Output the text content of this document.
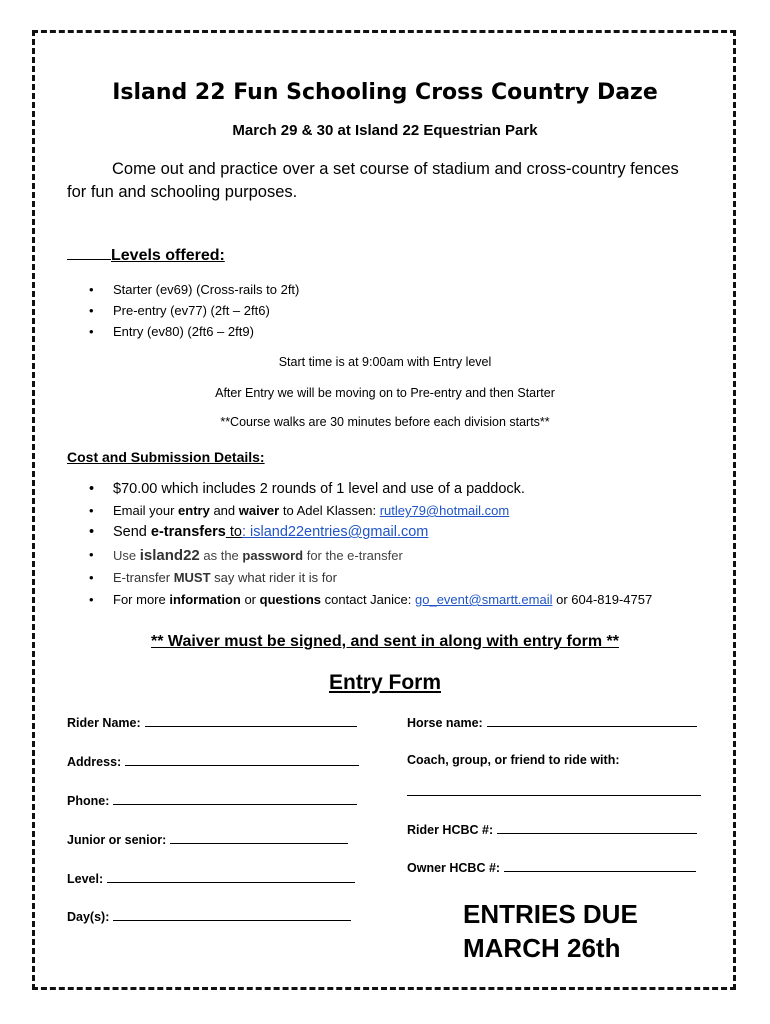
Island 22 Fun Schooling Cross Country Daze
March 29 & 30 at Island 22 Equestrian Park
Come out and practice over a set course of stadium and cross-country fences for fun and schooling purposes.
Levels offered:
Starter (ev69) (Cross-rails to 2ft)
Pre-entry (ev77) (2ft – 2ft6)
Entry (ev80) (2ft6 – 2ft9)
Start time is at 9:00am with Entry level
After Entry we will be moving on to Pre-entry and then Starter
**Course walks are 30 minutes before each division starts**
Cost and Submission Details:
$70.00 which includes 2 rounds of 1 level and use of a paddock.
Email your entry and waiver to Adel Klassen: rutley79@hotmail.com
Send e-transfers to: island22entries@gmail.com
Use island22 as the password for the e-transfer
E-transfer MUST say what rider it is for
For more information or questions contact Janice: go_event@smartt.email or 604-819-4757
** Waiver must be signed, and sent in along with entry form **
Entry Form
Rider Name:
Address:
Phone:
Junior or senior:
Level:
Day(s):
Horse name:
Coach, group, or friend to ride with:
Rider HCBC #:
Owner HCBC #:
ENTRIES DUE MARCH 26th
